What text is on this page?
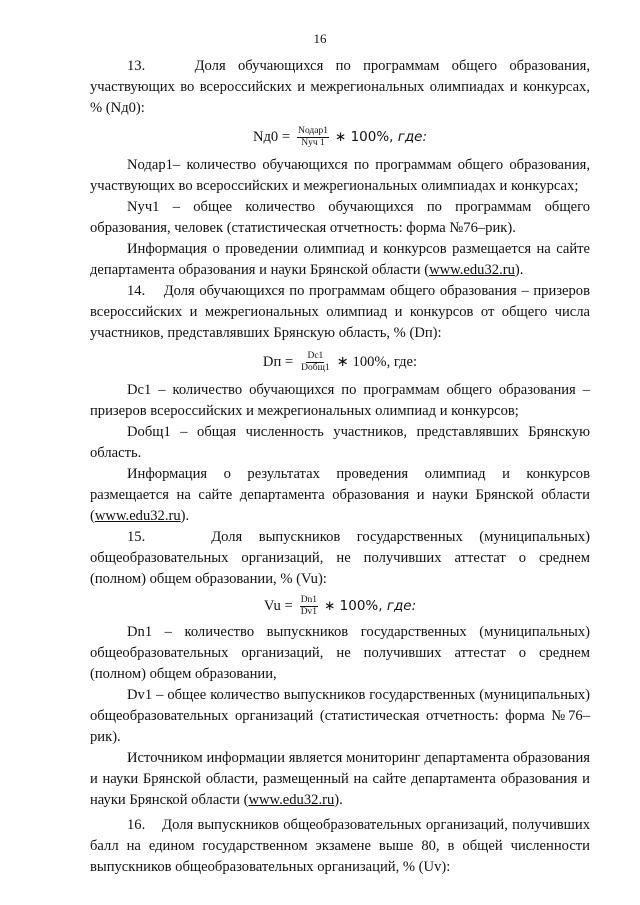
16

13.    Доля обучающихся по программам общего образования, участвующих во всероссийских и межрегиональных олимпиадах и конкурсах, % (Nд0):

$Nд0 = \frac{\text{Nодар1}}{\text{Nуч 1}}$ ∗ 100%, где:

Nодар1– количество обучающихся по программам общего образования, участвующих во всероссийских и межрегиональных олимпиадах и конкурсах;

Nуч1 – общее количество обучающихся по программам общего образования, человек (статистическая отчетность: форма №76–рик).

Информация о проведении олимпиад и конкурсов размещается на сайте департамента образования и науки Брянской области (www.edu32.ru).

14.    Доля обучающихся по программам общего образования – призеров всероссийских и межрегиональных олимпиад и конкурсов от общего числа участников, представлявших Брянскую область, % (Dп):

Dп = $\frac{Dс1}{\text{Dобщ1}}$ ∗ 100%, где:

Dс1 – количество обучающихся по программам общего образования – призеров всероссийских и межрегиональных олимпиад и конкурсов;

Dобщ1 – общая численность участников, представлявших Брянскую область.

Информация о результатах проведения олимпиад и конкурсов размещается на сайте департамента образования и науки Брянской области (www.edu32.ru).

15.    Доля выпускников государственных (муниципальных) общеобразовательных организаций, не получивших аттестат о среднем (полном) общем образовании, % (Vu):

$Vu = \frac{Dn1}{Dv1}$ ∗ 100%, где:

Dn1 – количество выпускников государственных (муниципальных) общеобразовательных организаций, не получивших аттестат о среднем (полном) общем образовании,

Dv1 – общее количество выпускников государственных (муниципальных) общеобразовательных организаций (статистическая отчетность: форма №76–рик).

Источником информации является мониторинг департамента образования и науки Брянской области, размещенный на сайте департамента образования и науки Брянской области (www.edu32.ru).

16.    Доля выпускников общеобразовательных организаций, получивших балл на едином государственном экзамене выше 80, в общей численности выпускников общеобразовательных организаций, % (Uv):
